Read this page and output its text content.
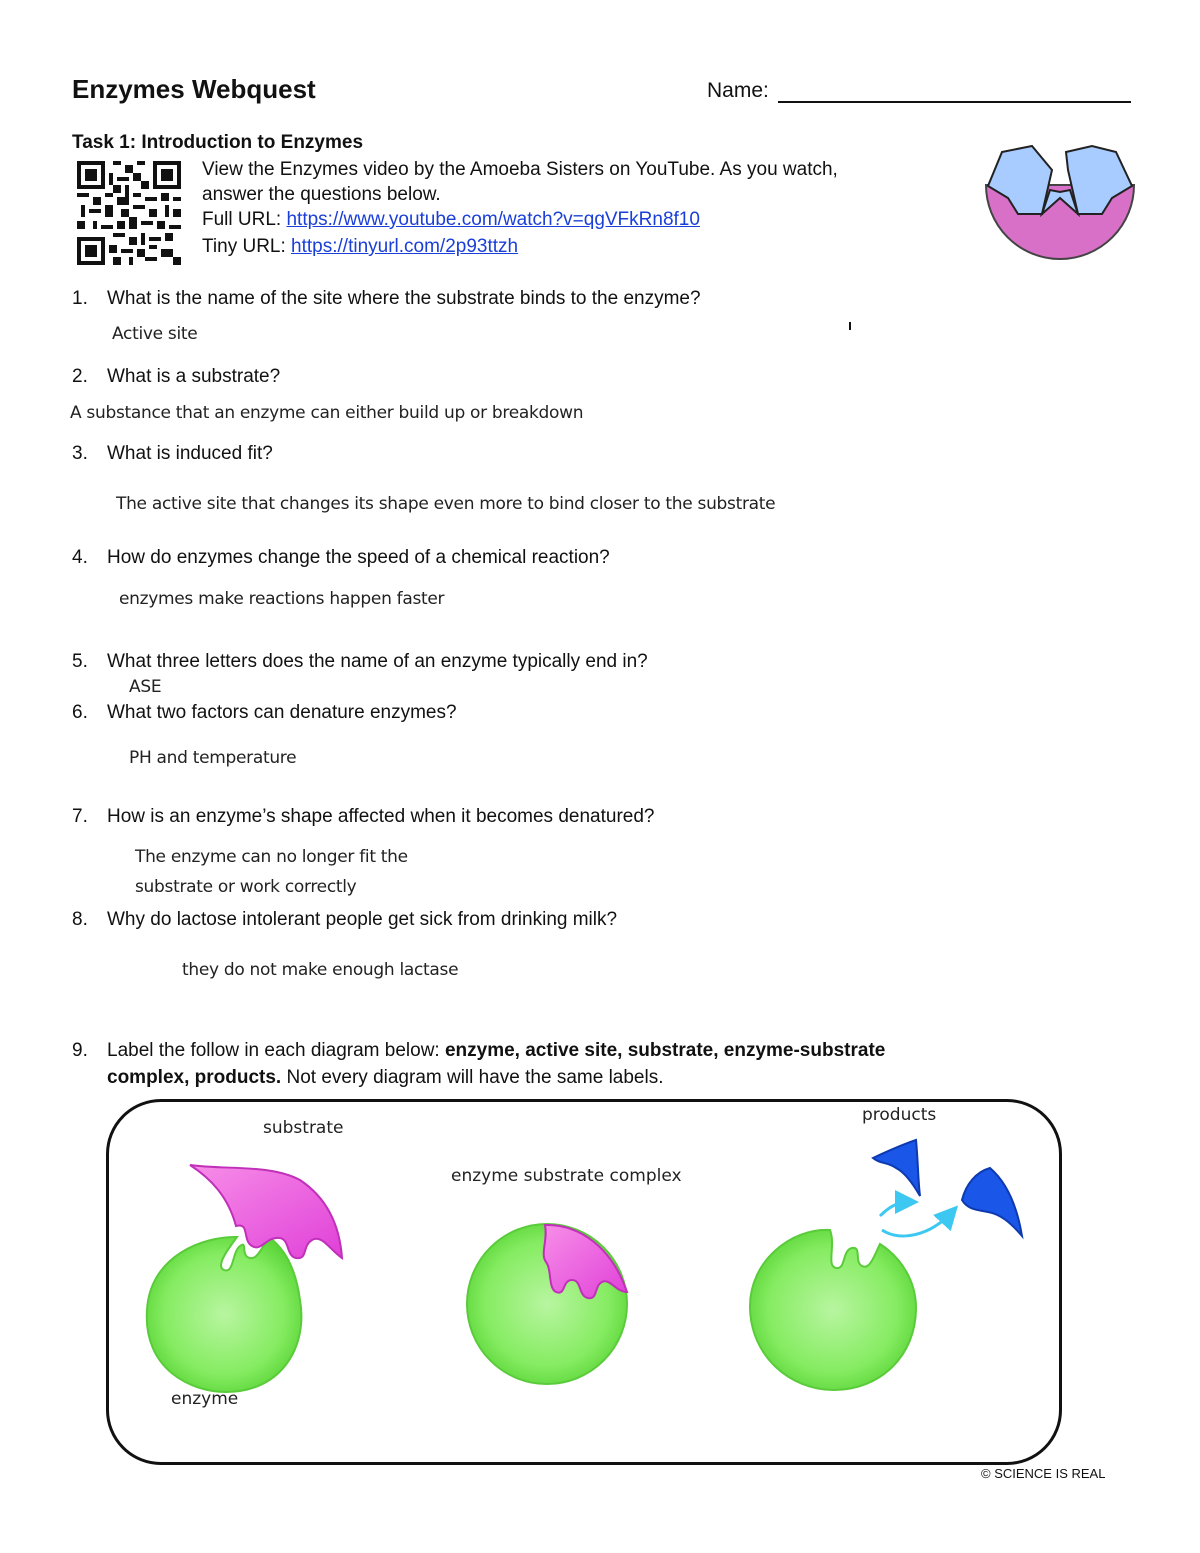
Enzymes Webquest	Name:
Task 1: Introduction to Enzymes
View the Enzymes video by the Amoeba Sisters on YouTube. As you watch,
answer the questions below.
Full URL: https://www.youtube.com/watch?v=qgVFkRn8f10
Tiny URL: https://tinyurl.com/2p93ttzh
1. What is the name of the site where the substrate binds to the enzyme?
Active site
2. What is a substrate?
A substance that an enzyme can either build up or breakdown
3. What is induced fit?
The active site that changes its shape even more to bind closer to the substrate
4. How do enzymes change the speed of a chemical reaction?
enzymes make reactions happen faster
5. What three letters does the name of an enzyme typically end in?
ASE
6. What two factors can denature enzymes?
PH and temperature
7. How is an enzyme’s shape affected when it becomes denatured?
The enzyme can no longer fit the
substrate or work correctly
8. Why do lactose intolerant people get sick from drinking milk?
they do not make enough lactase
9. Label the follow in each diagram below: enzyme, active site, substrate, enzyme-substrate
complex, products. Not every diagram will have the same labels.
substrate
enzyme substrate complex
products
enzyme
© SCIENCE IS REAL
